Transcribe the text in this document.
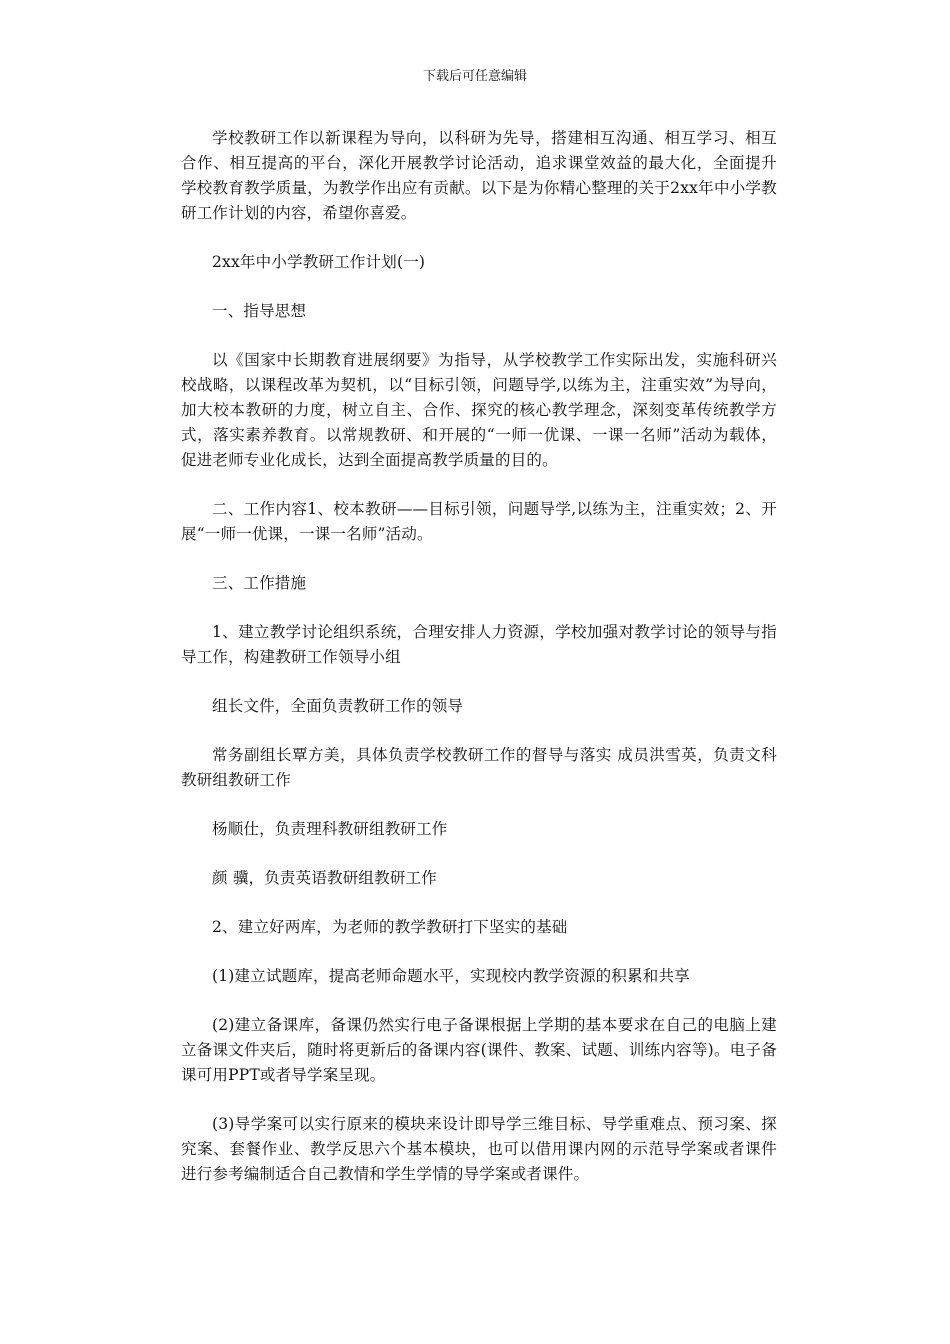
下载后可任意编辑

学校教研工作以新课程为导向，以科研为先导，搭建相互沟通、相互学习、相互合作、相互提高的平台，深化开展教学讨论活动，追求课堂效益的最大化，全面提升学校教育教学质量，为教学作出应有贡献。以下是为你精心整理的关于2xx年中小学教研工作计划的内容，希望你喜爱。

2xx年中小学教研工作计划(一)

一、指导思想

以《国家中长期教育进展纲要》为指导，从学校教学工作实际出发，实施科研兴校战略，以课程改革为契机，以“目标引领，问题导学,以练为主，注重实效”为导向，加大校本教研的力度，树立自主、合作、探究的核心教学理念，深刻变革传统教学方式，落实素养教育。以常规教研、和开展的“一师一优课、一课一名师”活动为载体，促进老师专业化成长，达到全面提高教学质量的目的。

二、工作内容1、校本教研——目标引领，问题导学,以练为主，注重实效；2、开展“一师一优课，一课一名师”活动。

三、工作措施

1、建立教学讨论组织系统，合理安排人力资源，学校加强对教学讨论的领导与指导工作，构建教研工作领导小组

组长文件，全面负责教研工作的领导

常务副组长覃方美，具体负责学校教研工作的督导与落实 成员洪雪英，负责文科教研组教研工作

杨顺仕，负责理科教研组教研工作

颜 骥，负责英语教研组教研工作

2、建立好两库，为老师的教学教研打下坚实的基础

(1)建立试题库，提高老师命题水平，实现校内教学资源的积累和共享

(2)建立备课库，备课仍然实行电子备课根据上学期的基本要求在自己的电脑上建立备课文件夹后，随时将更新后的备课内容(课件、教案、试题、训练内容等)。电子备课可用PPT或者导学案呈现。

(3)导学案可以实行原来的模块来设计即导学三维目标、导学重难点、预习案、探究案、套餐作业、教学反思六个基本模块，也可以借用课内网的示范导学案或者课件进行参考编制适合自己教情和学生学情的导学案或者课件。
